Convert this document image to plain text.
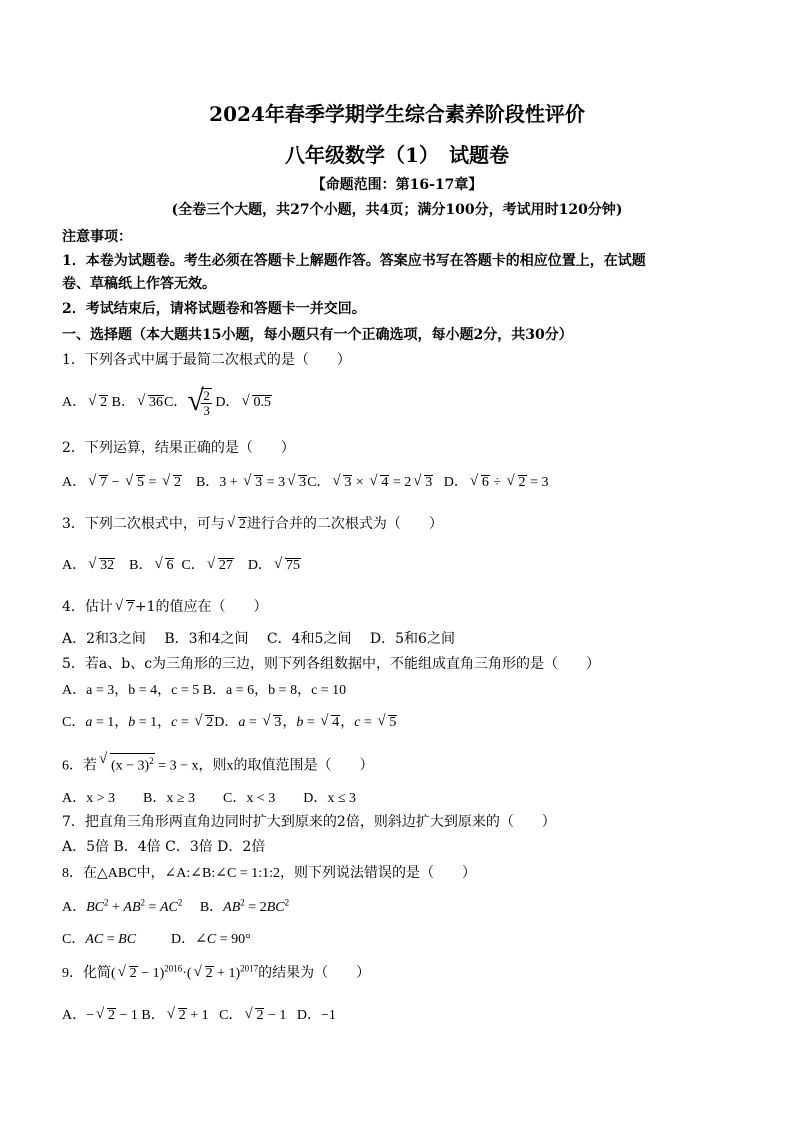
2024年春季学期学生综合素养阶段性评价
八年级数学（1）　试题卷
【命题范围：第16-17章】
(全卷三个大题，共27个小题，共4页；满分100分，考试用时120分钟)
注意事项：
1．本卷为试题卷。考生必须在答题卡上解题作答。答案应书写在答题卡的相应位置上，在试题
卷、草稿纸上作答无效。
2．考试结束后，请将试题卷和答题卡一并交回。
一、选择题（本大题共15小题，每小题只有一个正确选项，每小题2分，共30分）
1．下列各式中属于最简二次根式的是（　　）
A． √ 2 B． √ 36C． √ $\frac{2}{3}$ D． √ 0.5
2．下列运算，结果正确的是（　　）
A． √ 7 − √ 5 = √ 2    B．3 + √ 3 = 3 √ 3C． √ 3 × √ 4 = 2 √ 3   D． √ 6 ÷ √ 2 = 3
3．下列二次根式中，可与 √ 2进行合并的二次根式为（　　）
A． √ 32    B． √ 6  C． √ 27    D． √ 75
4．估计 √ 7+1的值应在（　　）
A．2和3之间　 B．3和4之间　 C．4和5之间　 D．5和6之间
5．若a、b、c为三角形的三边，则下列各组数据中，不能组成直角三角形的是（　　）
A．a = 3，b = 4，c = 5 B．a = 6，b = 8，c = 10
C．a = 1，b = 1，c = √ 2D．a = √ 3，b = √ 4，c = √ 5
6．若 √ $(x - 3)^2 = 3 - x$，则x的取值范围是（　　）
A．x > 3　　B．x ≥ 3　　C．x < 3　　D．x ≤ 3
7．把直角三角形两直角边同时扩大到原来的2倍，则斜边扩大到原来的（　　）
A．5倍 B．4倍 C．3倍 D．2倍
8．在△ABC中，∠A:∠B:∠C = 1:1:2，则下列说法错误的是（　　）
A．$BC^2 + AB^2 = AC^2$     B．$AB^2 = 2BC^2$
C．AC = BC          D．∠C = 90°
9．化简( √ 2 − 1)$^{2016}$·( √ 2 + 1)$^{2017}$的结果为（　　）
A．− √ 2 − 1 B． √ 2 + 1   C． √ 2 − 1   D．−1
